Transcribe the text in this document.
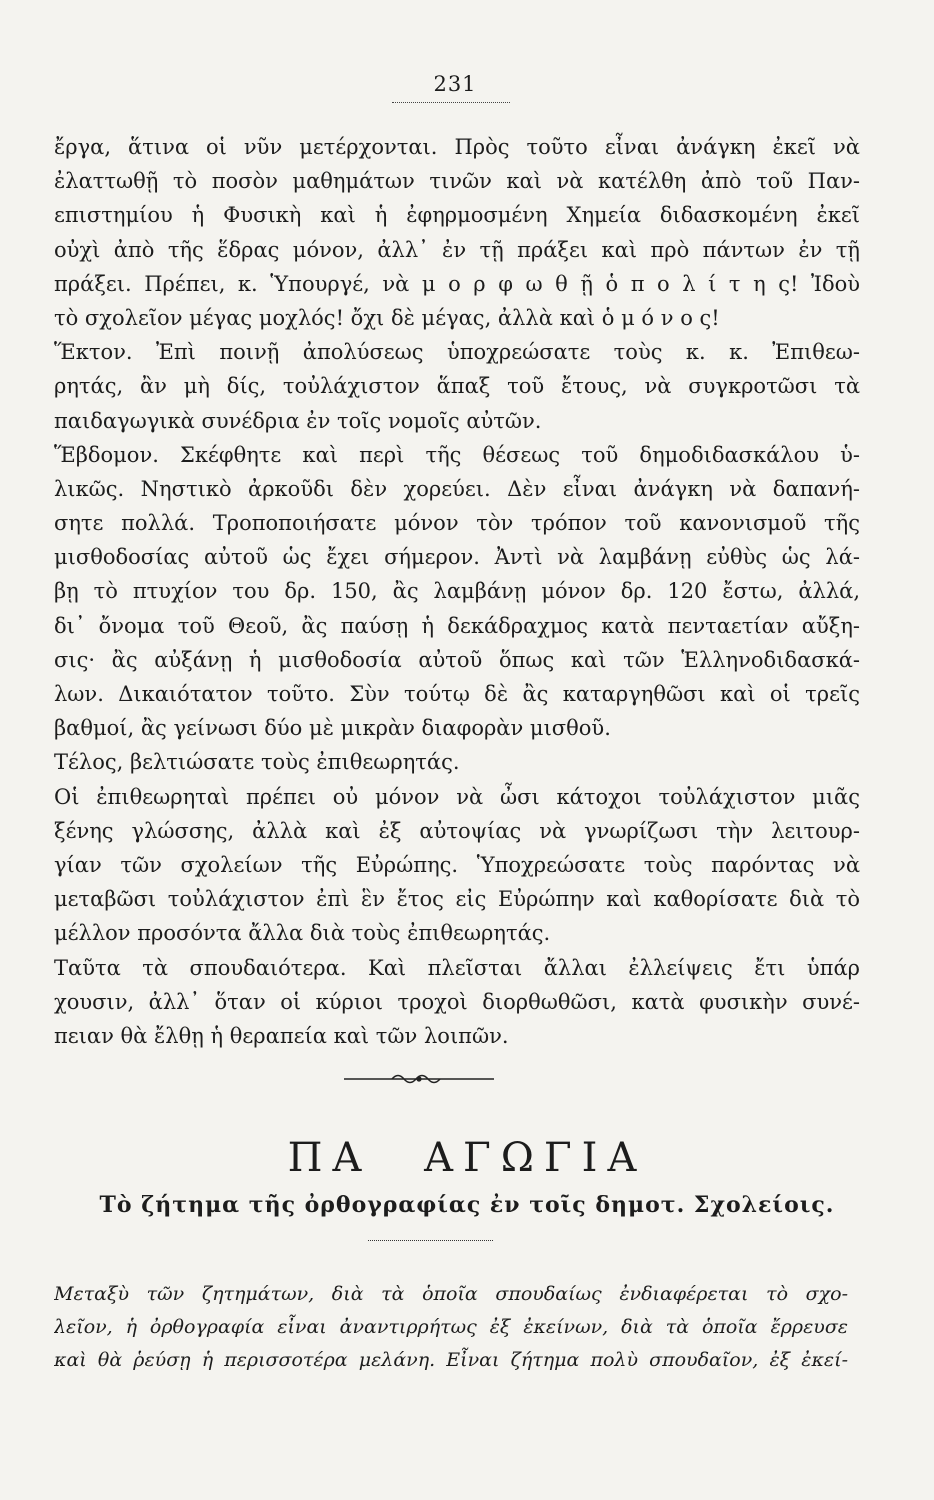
231
ἔργα, ἅτινα οἱ νῦν μετέρχονται. Πρὸς τοῦτο εἶναι ἀνάγκη ἐκεῖ νὰ
ἐλαττωθῇ τὸ ποσὸν μαθημάτων τινῶν καὶ νὰ κατέλθη ἀπὸ τοῦ Παν-
επιστημίου ἡ Φυσικὴ καὶ ἡ ἐφηρμοσμένη Χημεία διδασκομένη ἐκεῖ
οὐχὶ ἀπὸ τῆς ἕδρας μόνον, ἀλλ᾽ ἐν τῇ πράξει καὶ πρὸ πάντων ἐν τῇ
πράξει. Πρέπει, κ. Ὑπουργέ, νὰ μ ο ρ φ ω θ ῇ ὁ π ο λ ί τ η ς! Ἰδοὺ
τὸ σχολεῖον μέγας μοχλός! ὄχι δὲ μέγας, ἀλλὰ καὶ ὁ μ ό ν ο ς!
Ἕκτον. Ἐπὶ ποινῇ ἀπολύσεως ὑποχρεώσατε τοὺς κ. κ. Ἐπιθεω-
ρητάς, ἂν μὴ δίς, τοὐλάχιστον ἅπαξ τοῦ ἔτους, νὰ συγκροτῶσι τὰ
παιδαγωγικὰ συνέδρια ἐν τοῖς νομοῖς αὐτῶν.
Ἕβδομον. Σκέφθητε καὶ περὶ τῆς θέσεως τοῦ δημοδιδασκάλου ὑ-
λικῶς. Νηστικὸ ἀρκοῦδι δὲν χορεύει. Δὲν εἶναι ἀνάγκη νὰ δαπανή-
σητε πολλά. Τροποποιήσατε μόνον τὸν τρόπον τοῦ κανονισμοῦ τῆς
μισθοδοσίας αὐτοῦ ὡς ἔχει σήμερον. Ἀντὶ νὰ λαμβάνῃ εὐθὺς ὡς λά-
βῃ τὸ πτυχίον του δρ. 150, ἂς λαμβάνῃ μόνον δρ. 120 ἔστω, ἀλλά,
δι᾽ ὄνομα τοῦ Θεοῦ, ἂς παύσῃ ἡ δεκάδραχμος κατὰ πενταετίαν αὔξη-
σις· ἂς αὐξάνῃ ἡ μισθοδοσία αὐτοῦ ὅπως καὶ τῶν Ἑλληνοδιδασκά-
λων. Δικαιότατον τοῦτο. Σὺν τούτῳ δὲ ἂς καταργηθῶσι καὶ οἱ τρεῖς
βαθμοί, ἂς γείνωσι δύο μὲ μικρὰν διαφορὰν μισθοῦ.
Τέλος, βελτιώσατε τοὺς ἐπιθεωρητάς.
Οἱ ἐπιθεωρηταὶ πρέπει οὐ μόνον νὰ ὦσι κάτοχοι τοὐλάχιστον μιᾶς
ξένης γλώσσης, ἀλλὰ καὶ ἐξ αὐτοψίας νὰ γνωρίζωσι τὴν λειτουρ-
γίαν τῶν σχολείων τῆς Εὐρώπης. Ὑποχρεώσατε τοὺς παρόντας νὰ
μεταβῶσι τοὐλάχιστον ἐπὶ ἓν ἔτος εἰς Εὐρώπην καὶ καθορίσατε διὰ τὸ
μέλλον προσόντα ἄλλα διὰ τοὺς ἐπιθεωρητάς.
Ταῦτα τὰ σπουδαιότερα. Καὶ πλεῖσται ἄλλαι ἐλλείψεις ἔτι ὑπάρ
χουσιν, ἀλλ᾽ ὅταν οἱ κύριοι τροχοὶ διορθωθῶσι, κατὰ φυσικὴν συνέ-
πειαν θὰ ἔλθῃ ἡ θεραπεία καὶ τῶν λοιπῶν.
ΠΑ ΑΓΩΓΙΑ
Τὸ ζήτημα τῆς ὀρθογραφίας ἐν τοῖς δημοτ. Σχολείοις.
Μεταξὺ τῶν ζητημάτων, διὰ τὰ ὁποῖα σπουδαίως ἐνδιαφέρεται τὸ σχο-
λεῖον, ἡ ὀρθογραφία εἶναι ἀναντιρρήτως ἐξ ἐκείνων, διὰ τὰ ὁποῖα ἔρρευσε
καὶ θὰ ῥεύσῃ ἡ περισσοτέρα μελάνη. Εἶναι ζήτημα πολὺ σπουδαῖον, ἐξ ἐκεί-
